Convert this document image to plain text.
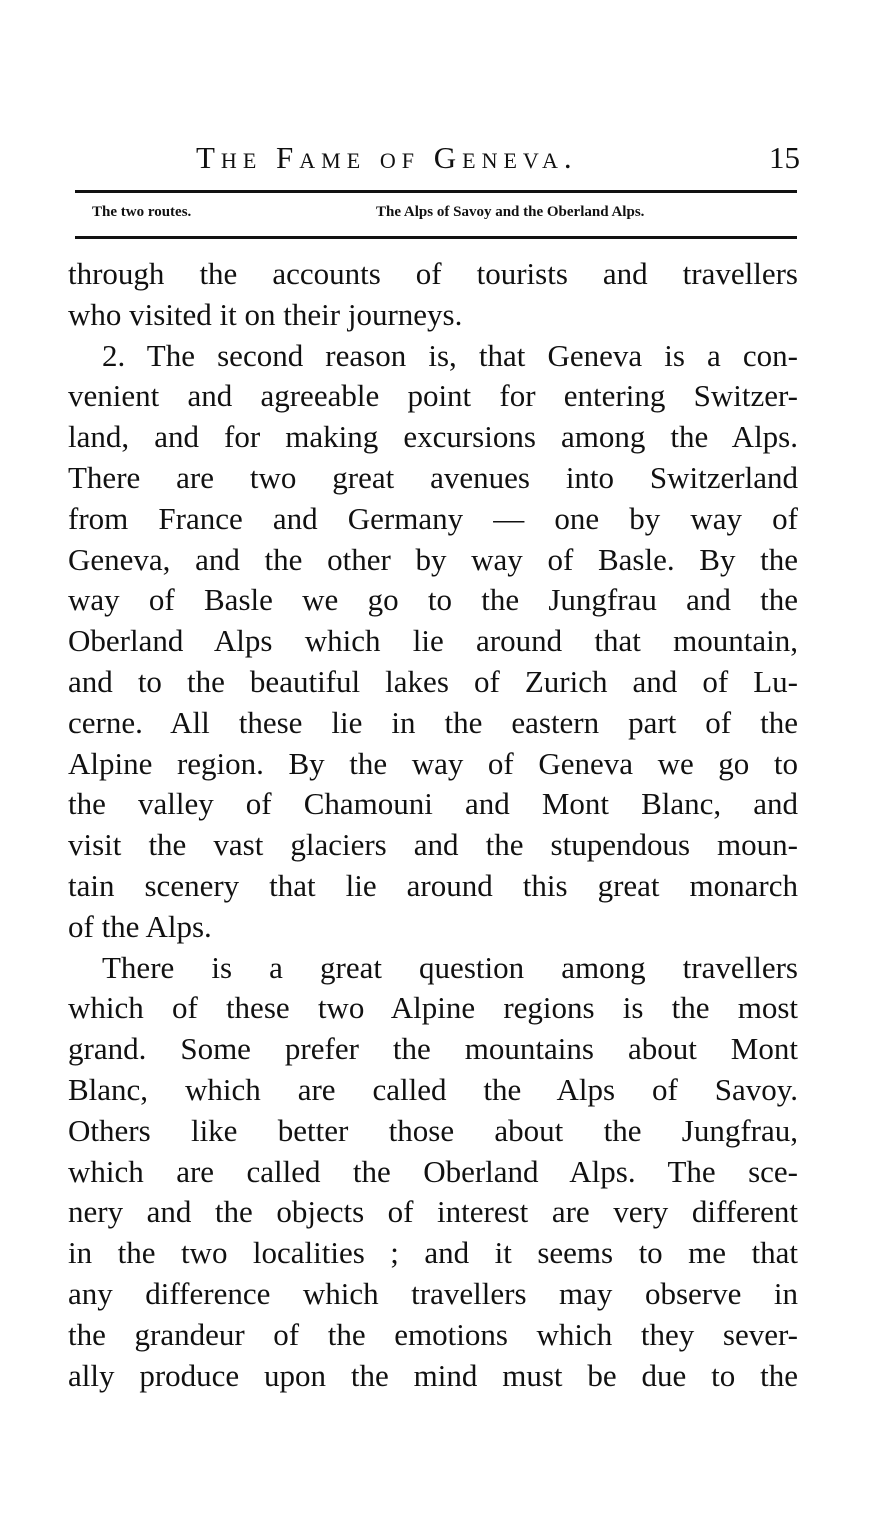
The Fame of Geneva.	15
The two routes.	The Alps of Savoy and the Oberland Alps.
through the accounts of tourists and travellers
who visited it on their journeys.
2. The second reason is, that Geneva is a con-
venient and agreeable point for entering Switzer-
land, and for making excursions among the Alps.
There are two great avenues into Switzerland
from France and Germany — one by way of
Geneva, and the other by way of Basle. By the
way of Basle we go to the Jungfrau and the
Oberland Alps which lie around that mountain,
and to the beautiful lakes of Zurich and of Lu-
cerne. All these lie in the eastern part of the
Alpine region. By the way of Geneva we go to
the valley of Chamouni and Mont Blanc, and
visit the vast glaciers and the stupendous moun-
tain scenery that lie around this great monarch
of the Alps.
There is a great question among travellers
which of these two Alpine regions is the most
grand. Some prefer the mountains about Mont
Blanc, which are called the Alps of Savoy.
Others like better those about the Jungfrau,
which are called the Oberland Alps. The sce-
nery and the objects of interest are very different
in the two localities ; and it seems to me that
any difference which travellers may observe in
the grandeur of the emotions which they sever-
ally produce upon the mind must be due to the
